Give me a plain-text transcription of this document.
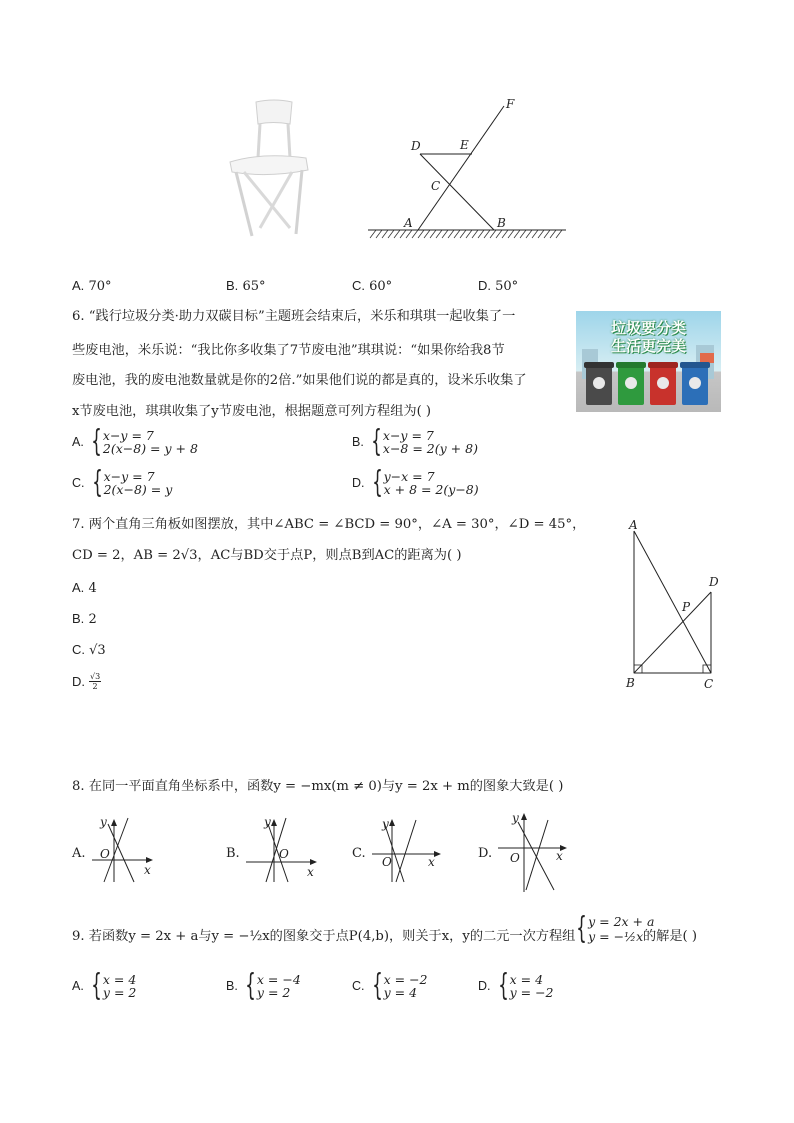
F
D	E
C
A	B
A. 70°	B. 65°	C. 60°	D. 50°
6. “践行垃圾分类·助力双碳目标”主题班会结束后，米乐和琪琪一起收集了一
些废电池，米乐说：“我比你多收集了7节废电池”琪琪说：“如果你给我8节
废电池，我的废电池数量就是你的2倍.”如果他们说的都是真的，设米乐收集了
x节废电池，琪琪收集了y节废电池，根据题意可列方程组为( )
垃圾要分类
生活更完美
A. { x−y = 7
2(x−8) = y + 8	B. { x−y = 7
x−8 = 2(y + 8)
C. { x−y = 7
2(x−8) = y	D. { y−x = 7
x + 8 = 2(y−8)
7. 两个直角三角板如图摆放，其中∠ABC = ∠BCD = 90°，∠A = 30°，∠D = 45°，
CD = 2，AB = 2√3，AC与BD交于点P，则点B到AC的距离为( )
A. 4
B. 2
C. √3
D. $\frac{√3}{2}$
A
D
P
B	C
8. 在同一平面直角坐标系中，函数y = −mx(m ≠ 0)与y = 2x + m的图象大致是( )
A.	B.	C.	D.
y
O
x
y
O
x
y
O	x
y
O	x
9. 若函数y = 2x + a与y = −½x的图象交于点P(4,b)，则关于x，y的二元一次方程组 { y = 2x + a
y = −½x 的解是( )
A. { x = 4
y = 2	B. { x = −4
y = 2	C. { x = −2
y = 4	D. { x = 4
y = −2
